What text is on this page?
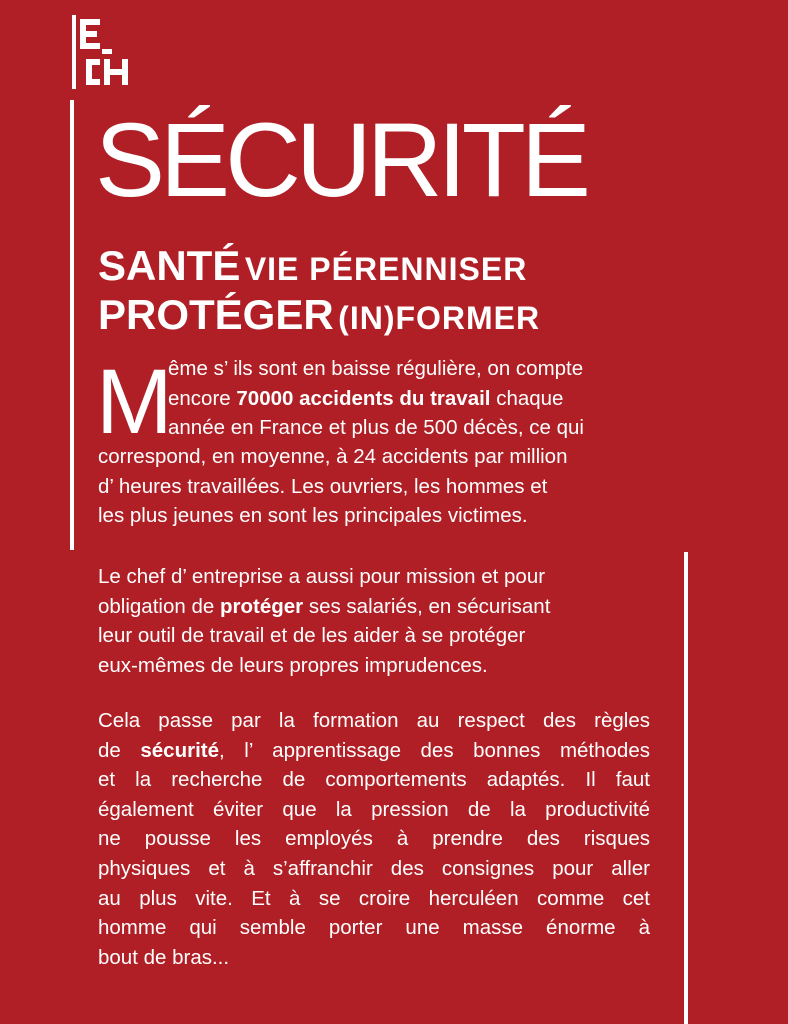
SÉCURITÉ
SANTÉ VIE PÉRENNISER
PROTÉGER (IN)FORMER
M
ême s’ ils sont en baisse régulière, on compte
encore 70000 accidents du travail chaque
année en France et plus de 500 décès, ce qui
correspond, en moyenne, à 24 accidents par million
d’ heures travaillées. Les ouvriers, les hommes et
les plus jeunes en sont les principales victimes.
Le chef d’ entreprise a aussi pour mission et pour
obligation de protéger ses salariés, en sécurisant
leur outil de travail et de les aider à se protéger
eux-mêmes de leurs propres imprudences.
Cela passe par la formation au respect des règles
de sécurité, l’ apprentissage des bonnes méthodes
et la recherche de comportements adaptés. Il faut
également éviter que la pression de la productivité
ne pousse les employés à prendre des risques
physiques et à s’affranchir des consignes pour aller
au plus vite. Et à se croire herculéen comme cet
homme qui semble porter une masse énorme à
bout de bras...
